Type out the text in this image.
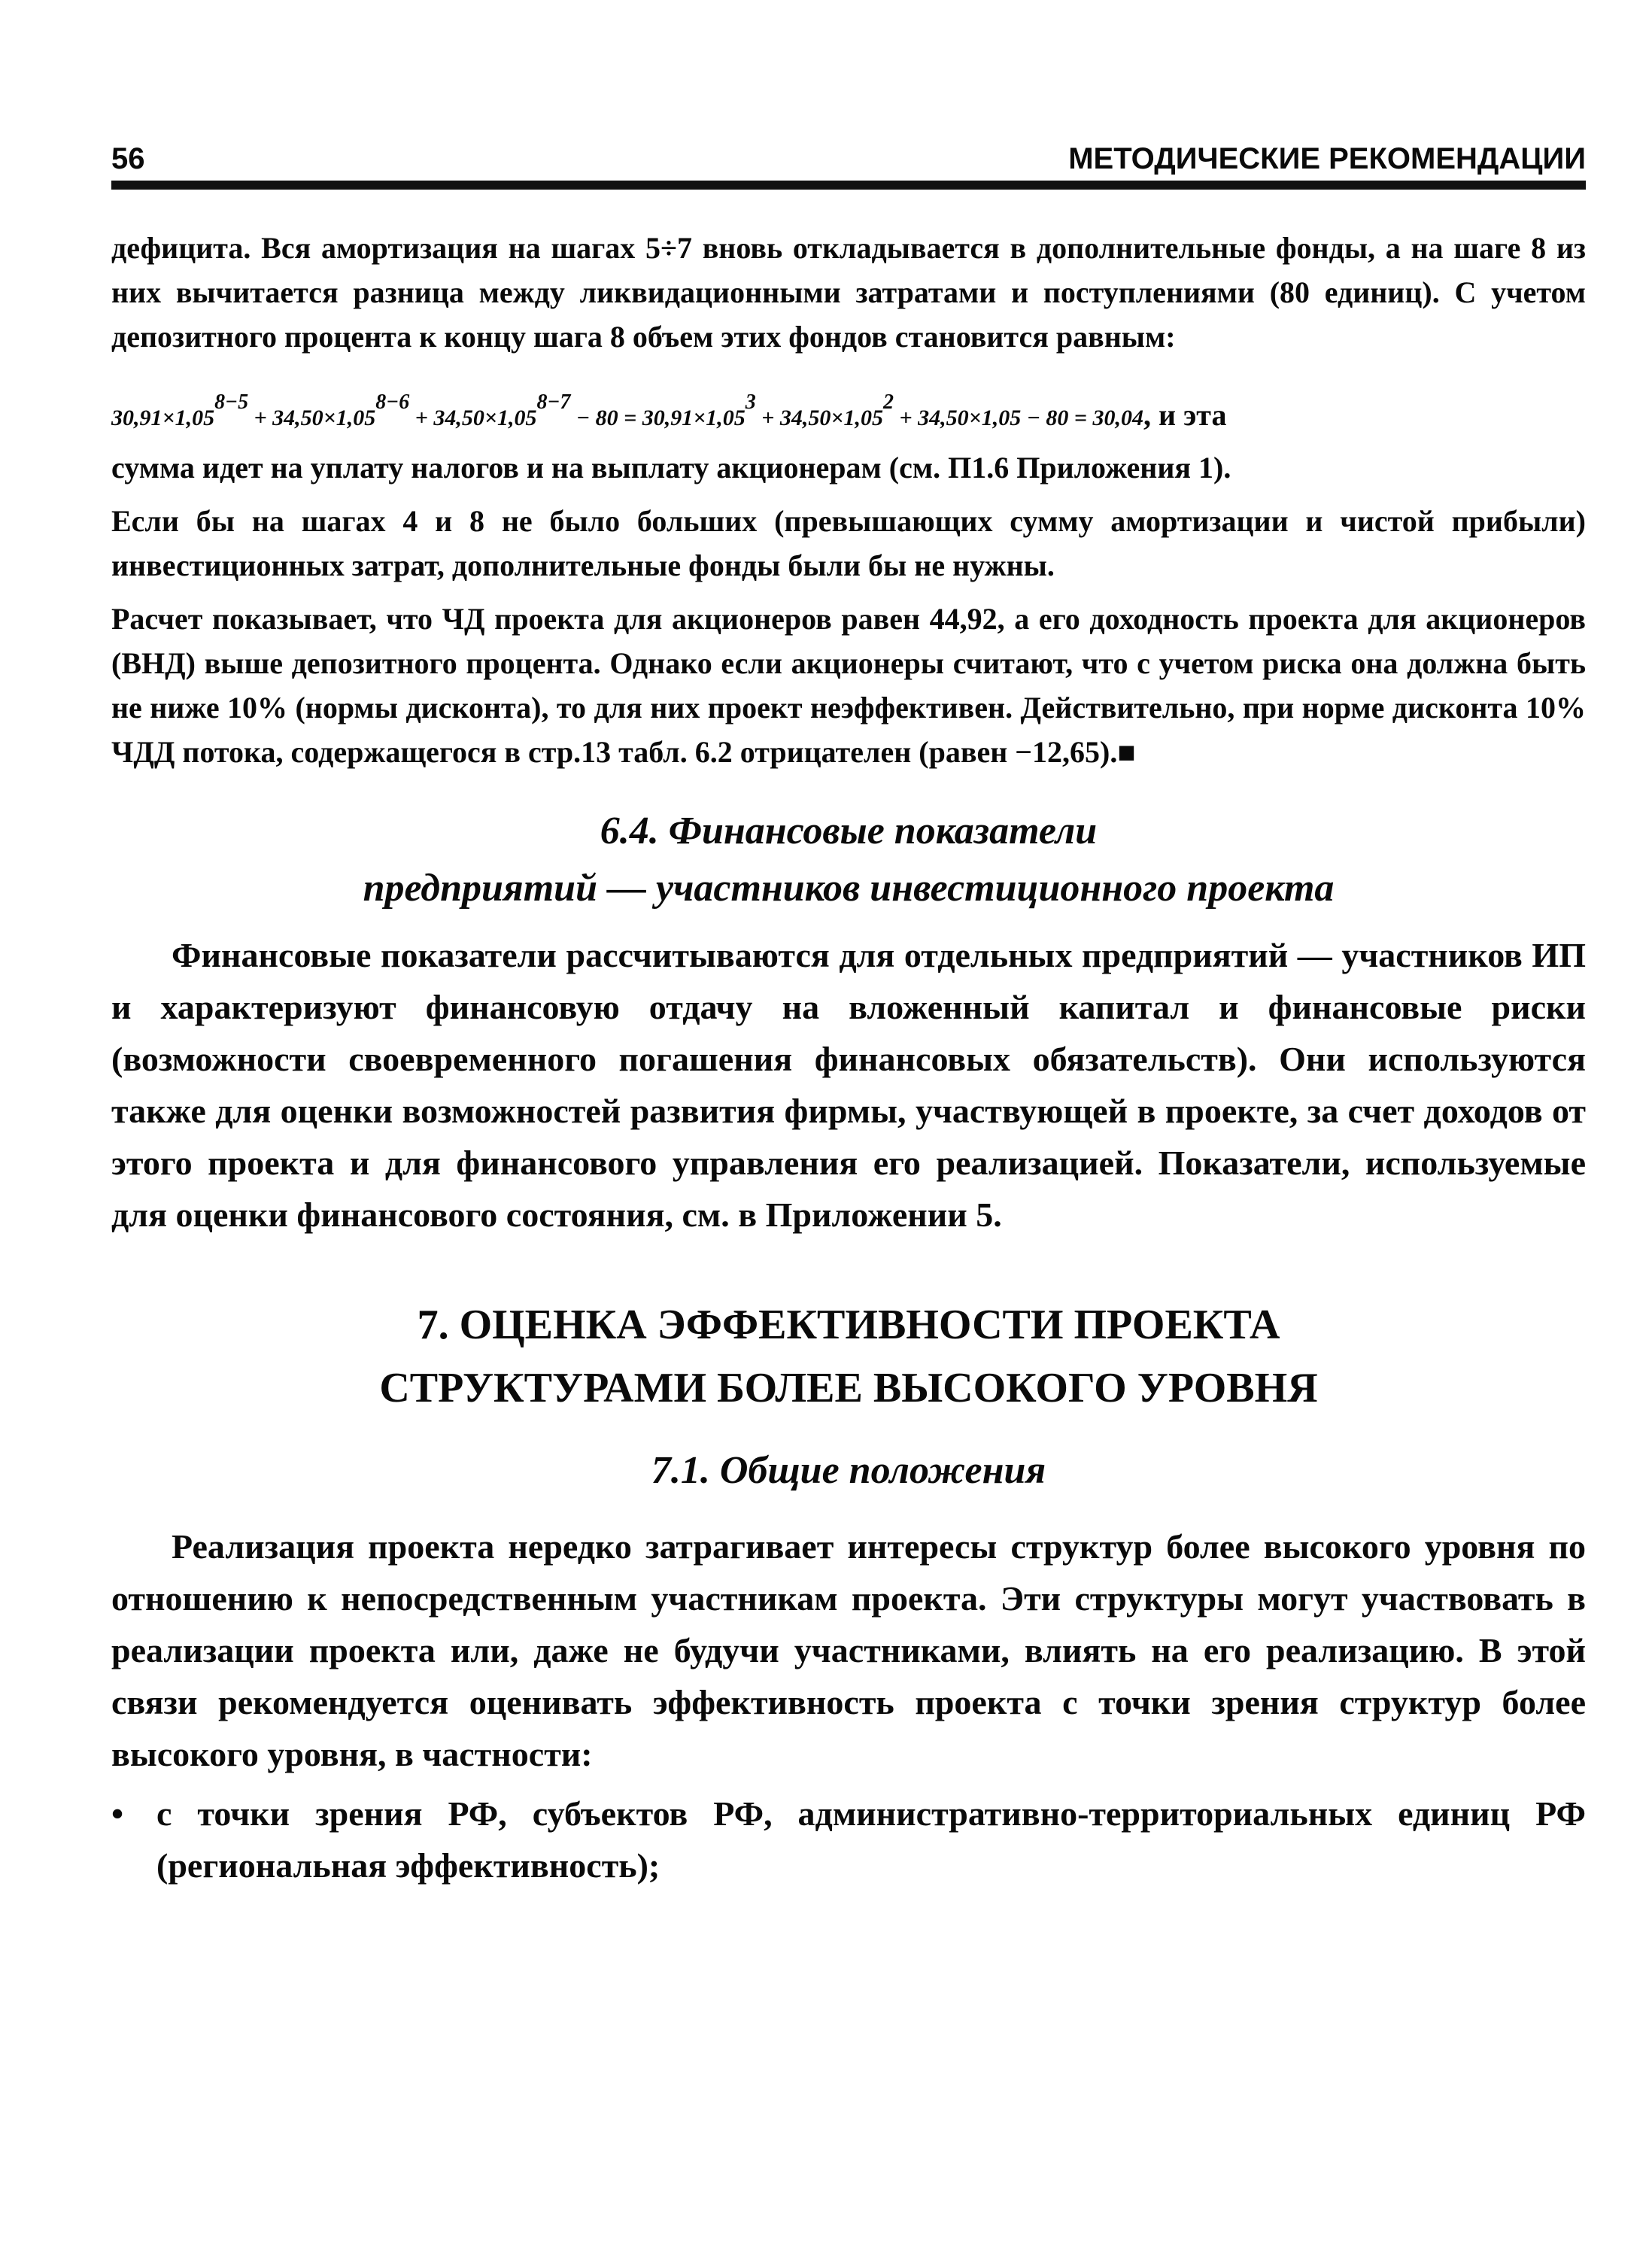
56	МЕТОДИЧЕСКИЕ РЕКОМЕНДАЦИИ

дефицита. Вся амортизация на шагах 5÷7 вновь откладывается в дополнительные фонды, а на шаге 8 из них вычитается разница между ликвидационными затратами и поступлениями (80 единиц). С учетом депозитного процента к концу шага 8 объем этих фондов становится равным:

$30,91\times 1,05^{8-5} + 34,50\times 1,05^{8-6} + 34,50\times 1,05^{8-7} - 80 = 30,91\times 1,05^3 + 34,50\times 1,05^2 + 34,50\times 1,05 - 80 = 30,04$, и эта

сумма идет на уплату налогов и на выплату акционерам (см. П1.6 Приложения 1).

Если бы на шагах 4 и 8 не было больших (превышающих сумму амортизации и чистой прибыли) инвестиционных затрат, дополнительные фонды были бы не нужны.

Расчет показывает, что ЧД проекта для акционеров равен 44,92, а его доходность проекта для акционеров (ВНД) выше депозитного процента. Однако если акционеры считают, что с учетом риска она должна быть не ниже 10% (нормы дисконта), то для них проект неэффективен. Действительно, при норме дисконта 10% ЧДД потока, содержащегося в стр.13 табл. 6.2 отрицателен (равен −12,65).■

6.4. Финансовые показатели
предприятий — участников инвестиционного проекта

Финансовые показатели рассчитываются для отдельных предприятий — участников ИП и характеризуют финансовую отдачу на вложенный капитал и финансовые риски (возможности своевременного погашения финансовых обязательств). Они используются также для оценки возможностей развития фирмы, участвующей в проекте, за счет доходов от этого проекта и для финансового управления его реализацией. Показатели, используемые для оценки финансового состояния, см. в Приложении 5.

7. ОЦЕНКА ЭФФЕКТИВНОСТИ ПРОЕКТА
СТРУКТУРАМИ БОЛЕЕ ВЫСОКОГО УРОВНЯ
7.1. Общие положения

Реализация проекта нередко затрагивает интересы структур более высокого уровня по отношению к непосредственным участникам проекта. Эти структуры могут участвовать в реализации проекта или, даже не будучи участниками, влиять на его реализацию. В этой связи рекомендуется оценивать эффективность проекта с точки зрения структур более высокого уровня, в частности:

• с точки зрения РФ, субъектов РФ, административно-территориальных единиц РФ (региональная эффективность);
